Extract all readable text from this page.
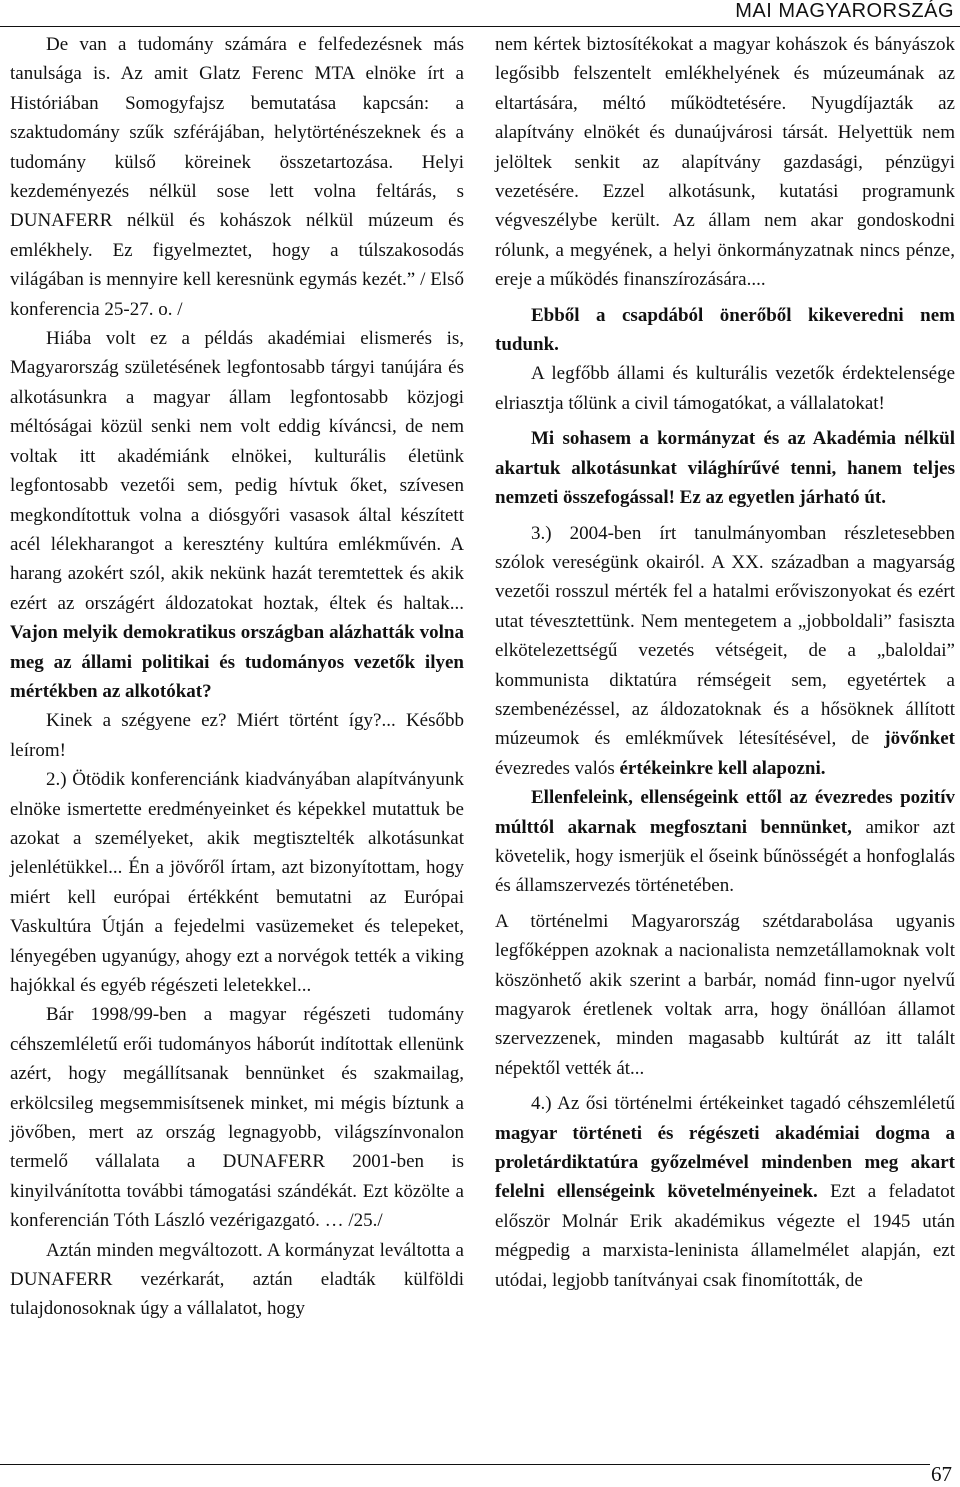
MAI MAGYARORSZÁG

De van a tudomány számára e felfedezésnek más tanulsága is. Az amit Glatz Ferenc MTA elnöke írt a Históriában Somogyfajsz bemutatása kapcsán: a szaktudomány szűk szférájában, helytörténészeknek és a tudomány külső köreinek összetartozása. Helyi kezdeményezés nélkül sose lett volna feltárás, s DUNAFERR nélkül és kohászok nélkül múzeum és emlékhely. Ez figyelmeztet, hogy a túlszakosodás világában is mennyire kell keresnünk egymás kezét.” / Első konferencia 25-27. o. /

Hiába volt ez a példás akadémiai elismerés is, Magyarország születésének legfontosabb tárgyi tanújára és alkotásunkra a magyar állam legfontosabb közjogi méltóságai közül senki nem volt eddig kíváncsi, de nem voltak itt akadémiánk elnökei, kulturális életünk legfontosabb vezetői sem, pedig hívtuk őket, szívesen megkondítottuk volna a diósgyőri vasasok által készített acél lélekharangot a keresztény kultúra emlékművén. A harang azokért szól, akik nekünk hazát teremtettek és akik ezért az országért áldozatokat hoztak, éltek és haltak... Vajon melyik demokratikus országban alázhatták volna meg az állami politikai és tudományos vezetők ilyen mértékben az alkotókat?

Kinek a szégyene ez? Miért történt így?... Később leírom!

2.) Ötödik konferenciánk kiadványában alapítványunk elnöke ismertette eredményeinket és képekkel mutattuk be azokat a személyeket, akik megtisztelték alkotásunkat jelenlétükkel... Én a jövőről írtam, azt bizonyítottam, hogy miért kell európai értékként bemutatni az Európai Vaskultúra Útján a fejedelmi vasüzemeket és telepeket, lényegében ugyanúgy, ahogy ezt a norvégok tették a viking hajókkal és egyéb régészeti leletekkel...

Bár 1998/99-ben a magyar régészeti tudomány céhszemléletű erői tudományos háborút indítottak ellenünk azért, hogy megállítsanak bennünket és szakmailag, erkölcsileg megsemmisítsenek minket, mi mégis bíztunk a jövőben, mert az ország legnagyobb, világszínvonalon termelő vállalata a DUNAFERR 2001-ben is kinyilvánította további támogatási szándékát. Ezt közölte a konferencián Tóth László vezérigazgató. … /25./

Aztán minden megváltozott. A kormányzat leváltotta a DUNAFERR vezérkarát, aztán eladták külföldi tulajdonosoknak úgy a vállalatot, hogy

nem kértek biztosítékokat a magyar kohászok és bányászok legősibb felszentelt emlékhelyének és múzeumának az eltartására, méltó működtetésére. Nyugdíjazták az alapítvány elnökét és dunaújvárosi társát. Helyettük nem jelöltek senkit az alapítvány gazdasági, pénzügyi vezetésére. Ezzel alkotásunk, kutatási programunk végveszélybe került. Az állam nem akar gondoskodni rólunk, a megyének, a helyi önkormányzatnak nincs pénze, ereje a működés finanszírozására....

Ebből a csapdából önerőből kikeveredni nem tudunk.

A legfőbb állami és kulturális vezetők érdektelensége elriasztja tőlünk a civil támogatókat, a vállalatokat!

Mi sohasem a kormányzat és az Akadémia nélkül akartuk alkotásunkat világhírűvé tenni, hanem teljes nemzeti összefogással! Ez az egyetlen járható út.

3.) 2004-ben írt tanulmányomban részletesebben szólok vereségünk okairól. A XX. században a magyarság vezetői rosszul mérték fel a hatalmi erőviszonyokat és ezért utat tévesztettünk. Nem mentegetem a „jobboldali” fasiszta elkötelezettségű vezetés vétségeit, de a „baloldai” kommunista diktatúra rémségeit sem, egyetértek a szembenézéssel, az áldozatoknak és a hősöknek állított múzeumok és emlékművek létesítésével, de jövőnket évezredes valós értékeinkre kell alapozni.

Ellenfeleink, ellenségeink ettől az évezredes pozitív múlttól akarnak megfosztani bennünket, amikor azt követelik, hogy ismerjük el őseink bűnösségét a honfoglalás és államszervezés történetében.

A történelmi Magyarország szétdarabolása ugyanis legfőképpen azoknak a nacionalista nemzetállamoknak volt köszönhető akik szerint a barbár, nomád finn-ugor nyelvű magyarok éretlenek voltak arra, hogy önállóan államot szervezzenek, minden magasabb kultúrát az itt talált népektől vették át...

4.) Az ősi történelmi értékeinket tagadó céhszemléletű magyar történeti és régészeti akadémiai dogma a proletárdiktatúra győzelmével mindenben meg akart felelni ellenségeink követelményeinek. Ezt a feladatot először Molnár Erik akadémikus végezte el 1945 után mégpedig a marxista-leninista államelmélet alapján, ezt utódai, legjobb tanítványai csak finomították, de

67
